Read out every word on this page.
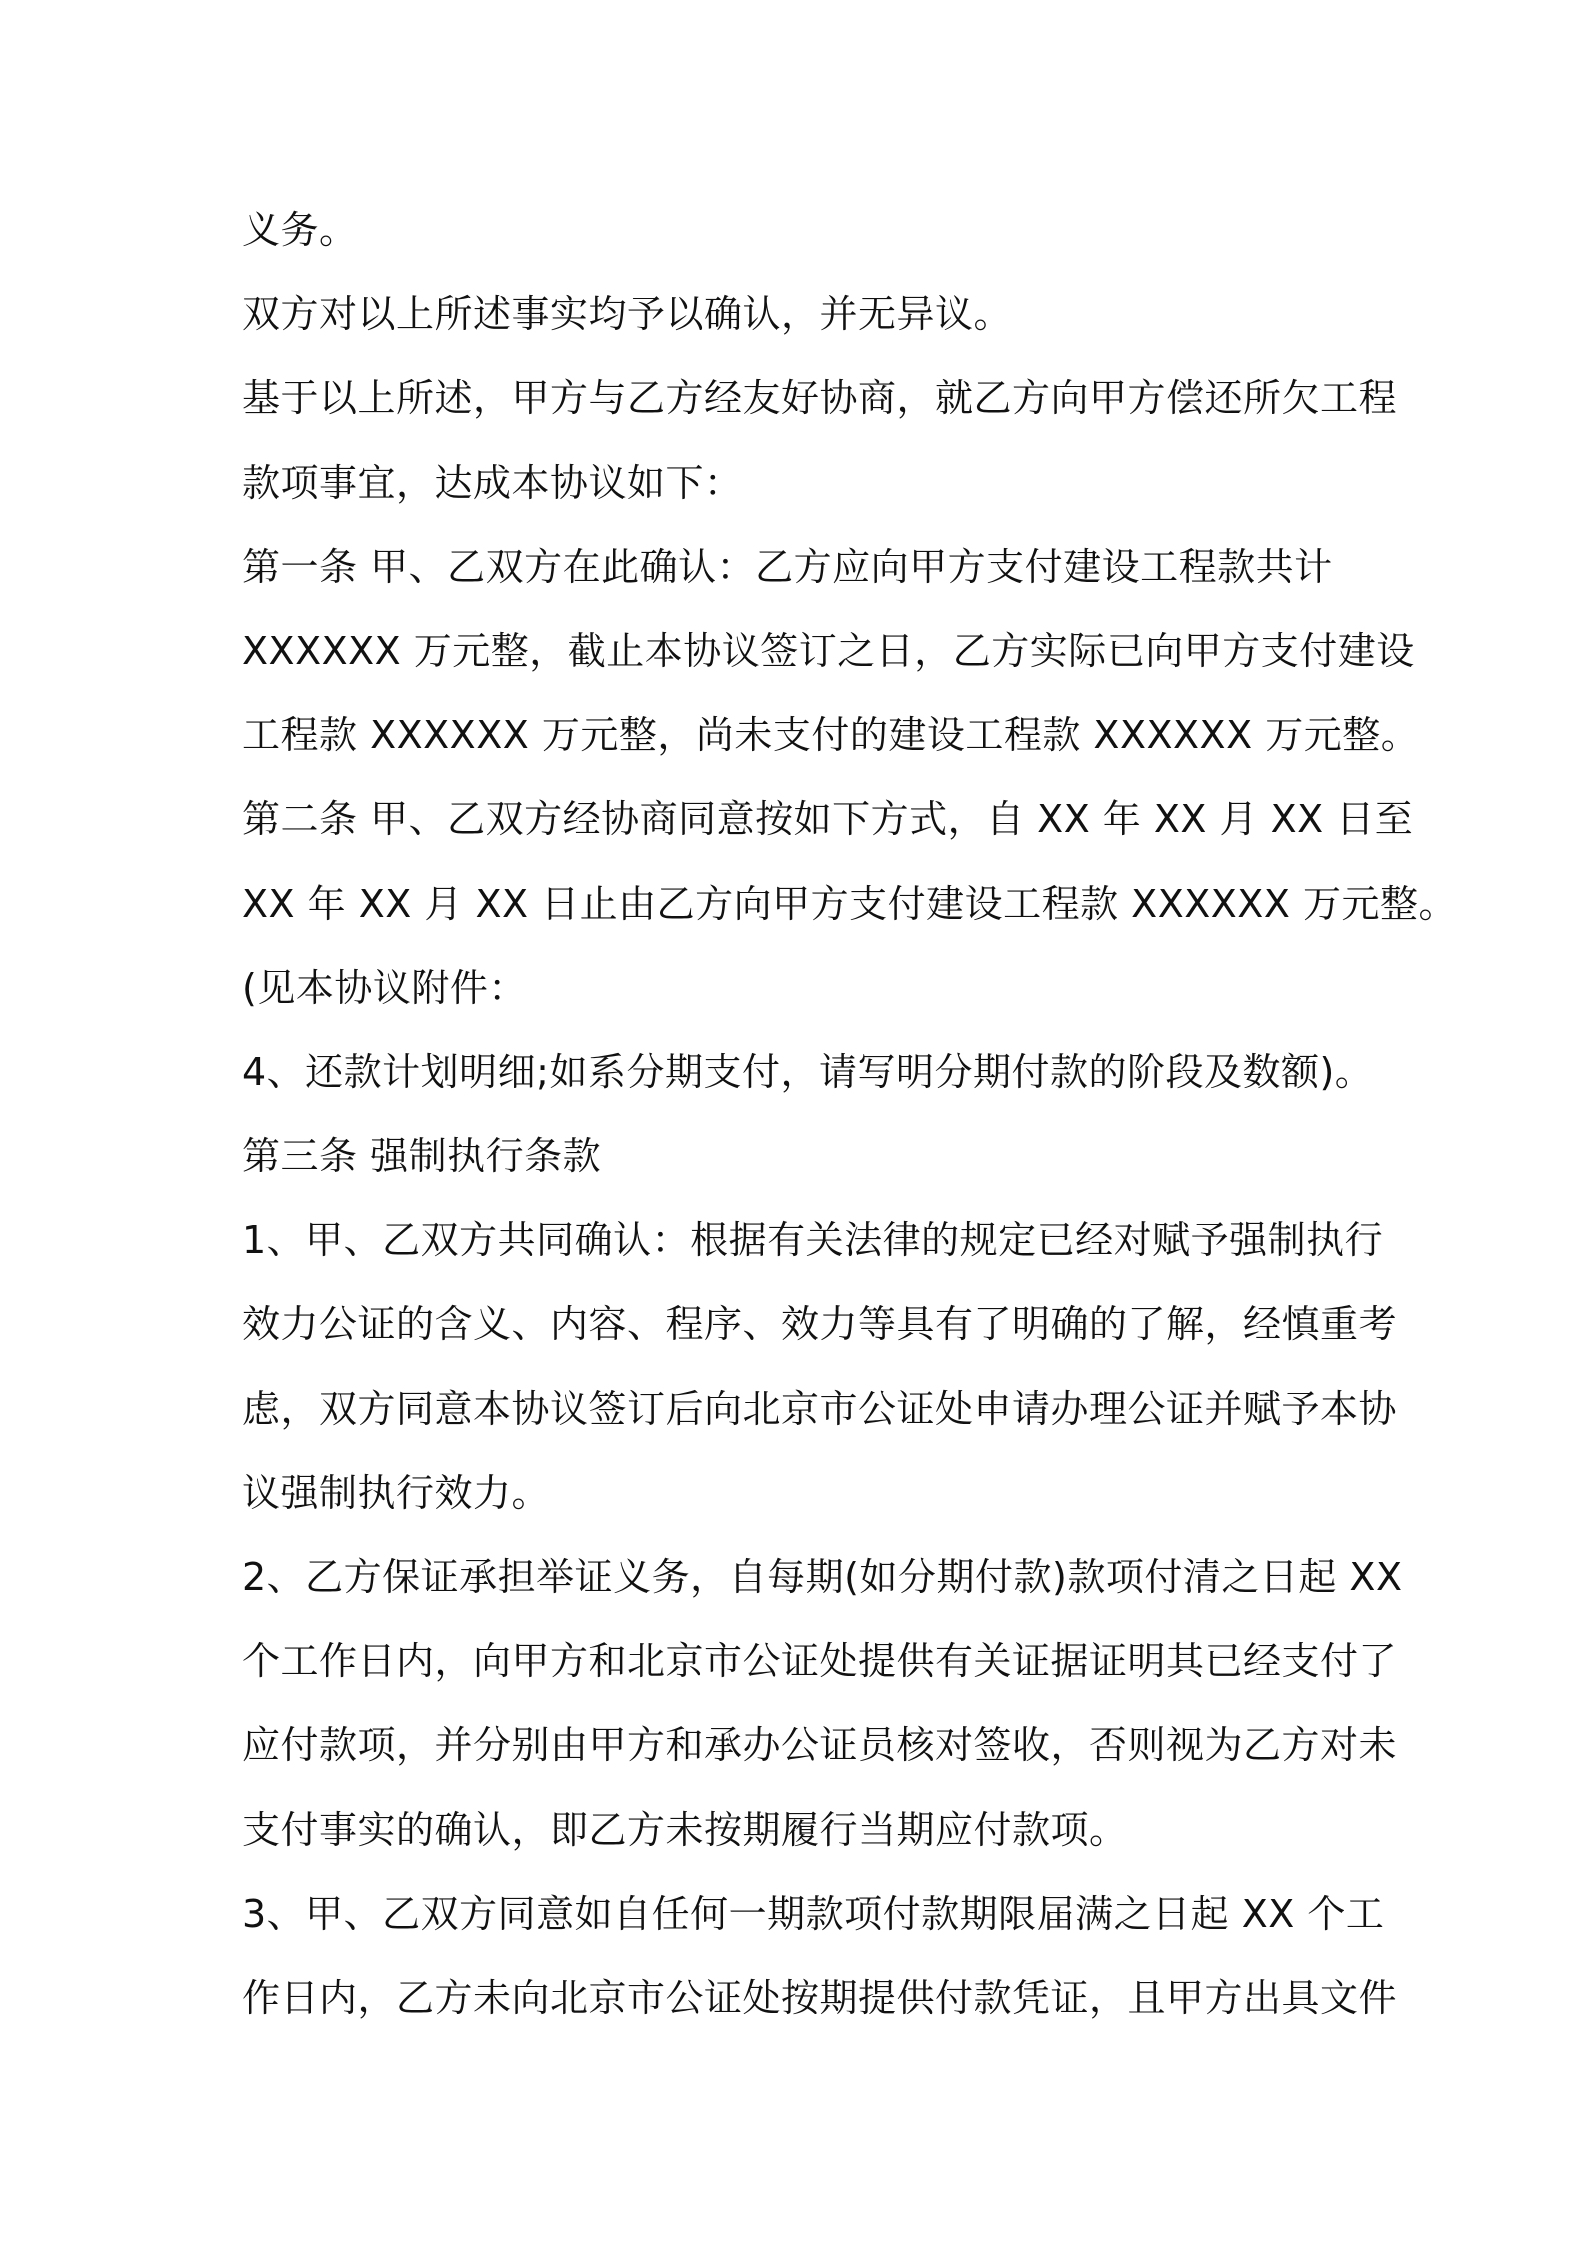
义务。
双方对以上所述事实均予以确认，并无异议。
基于以上所述，甲方与乙方经友好协商，就乙方向甲方偿还所欠工程
款项事宜，达成本协议如下：
第一条 甲、乙双方在此确认：乙方应向甲方支付建设工程款共计
XXXXXX 万元整，截止本协议签订之日，乙方实际已向甲方支付建设
工程款 XXXXXX 万元整，尚未支付的建设工程款 XXXXXX 万元整。
第二条 甲、乙双方经协商同意按如下方式，自 XX 年 XX 月 XX 日至
XX 年 XX 月 XX 日止由乙方向甲方支付建设工程款 XXXXXX 万元整。
(见本协议附件：
4、还款计划明细;如系分期支付，请写明分期付款的阶段及数额)。
第三条 强制执行条款
1、甲、乙双方共同确认：根据有关法律的规定已经对赋予强制执行
效力公证的含义、内容、程序、效力等具有了明确的了解，经慎重考
虑，双方同意本协议签订后向北京市公证处申请办理公证并赋予本协
议强制执行效力。
2、乙方保证承担举证义务，自每期(如分期付款)款项付清之日起 XX
个工作日内，向甲方和北京市公证处提供有关证据证明其已经支付了
应付款项，并分别由甲方和承办公证员核对签收，否则视为乙方对未
支付事实的确认，即乙方未按期履行当期应付款项。
3、甲、乙双方同意如自任何一期款项付款期限届满之日起 XX 个工
作日内，乙方未向北京市公证处按期提供付款凭证，且甲方出具文件
